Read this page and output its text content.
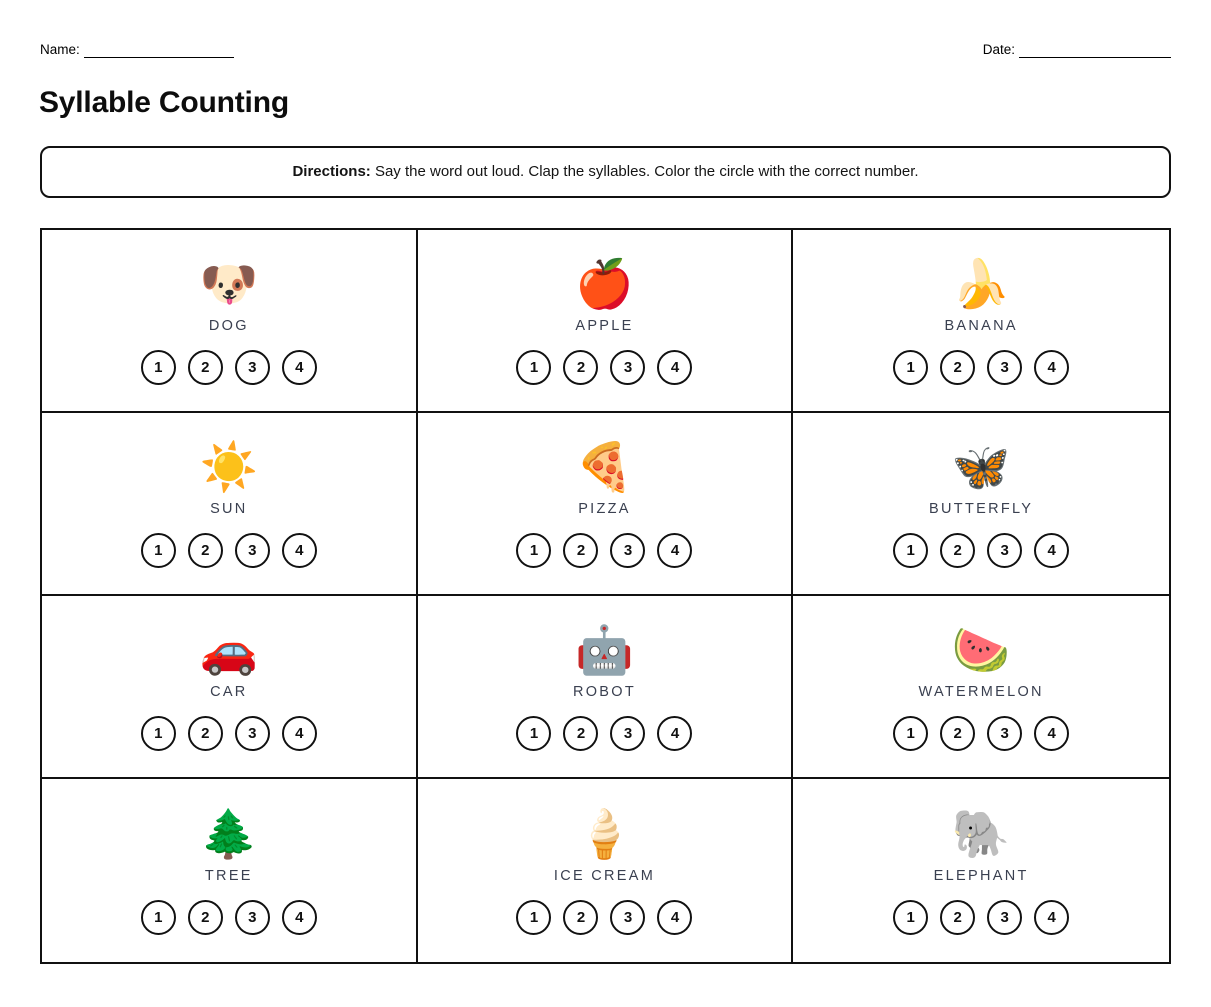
Name:	Date:
Syllable Counting
Directions: Say the word out loud. Clap the syllables. Color the circle with the correct number.
🐶
DOG
1	2	3	4
🍎
APPLE
1	2	3	4
🍌
BANANA
1	2	3	4
☀️
SUN
1	2	3	4
🍕
PIZZA
1	2	3	4
🦋
BUTTERFLY
1	2	3	4
🚗
CAR
1	2	3	4
🤖
ROBOT
1	2	3	4
🍉
WATERMELON
1	2	3	4
🌲
TREE
1	2	3	4
🍦
ICE CREAM
1	2	3	4
🐘
ELEPHANT
1	2	3	4
